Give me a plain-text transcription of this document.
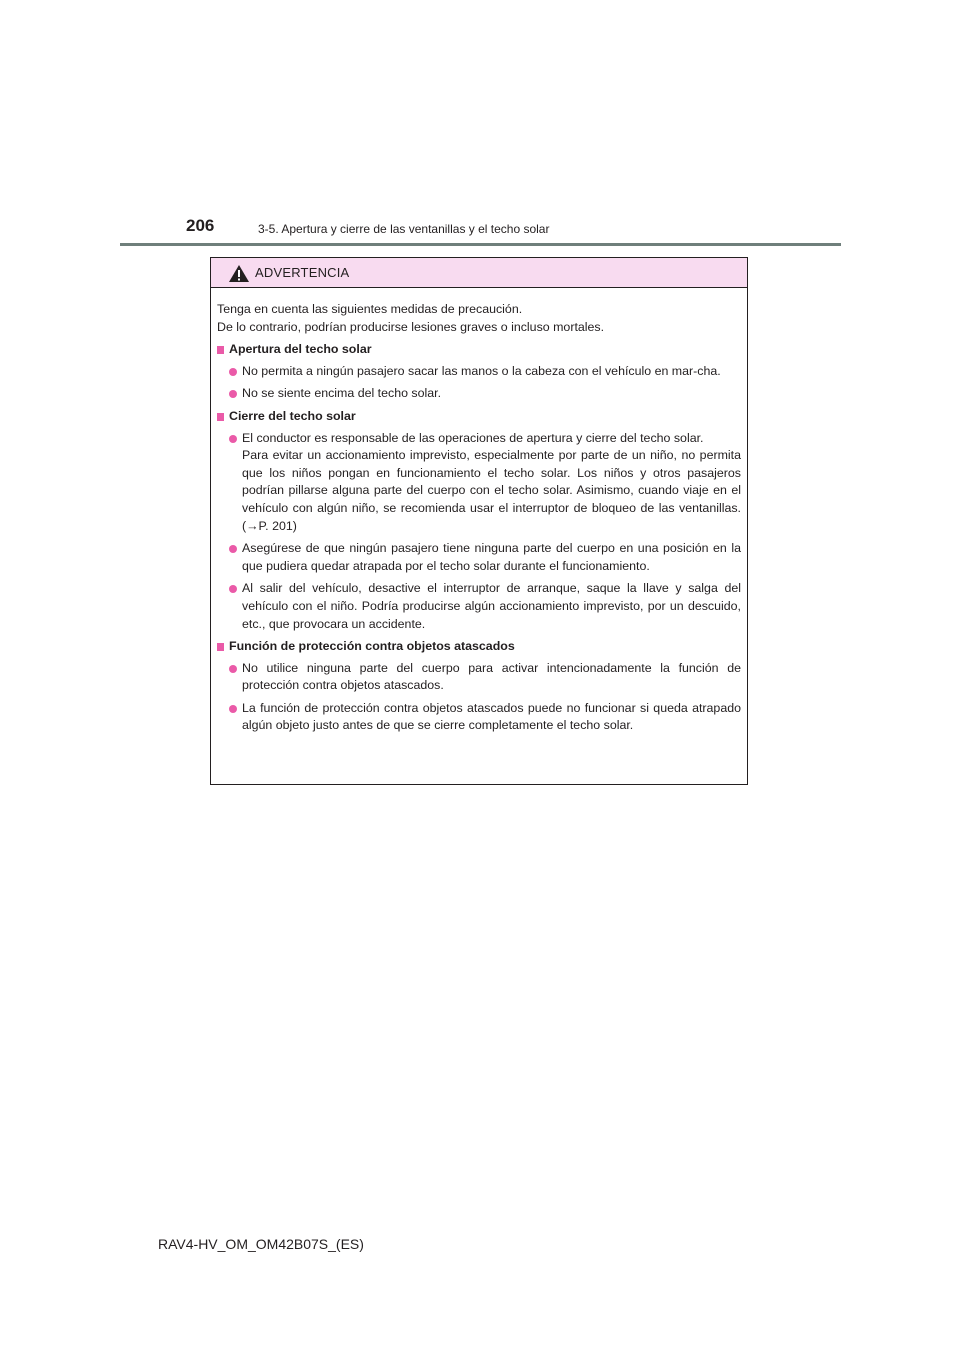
206	3-5. Apertura y cierre de las ventanillas y el techo solar
ADVERTENCIA
Tenga en cuenta las siguientes medidas de precaución.
De lo contrario, podrían producirse lesiones graves o incluso mortales.
Apertura del techo solar

No permita a ningún pasajero sacar las manos o la cabeza con el vehículo en mar-cha.

No se siente encima del techo solar.

Cierre del techo solar

El conductor es responsable de las operaciones de apertura y cierre del techo solar.

Para evitar un accionamiento imprevisto, especialmente por parte de un niño, no permita que los niños pongan en funcionamiento el techo solar. Los niños y otros pasajeros podrían pillarse alguna parte del cuerpo con el techo solar. Asimismo, cuando viaje en el vehículo con algún niño, se recomienda usar el interruptor de bloqueo de las ventanillas. (→P. 201)

Asegúrese de que ningún pasajero tiene ninguna parte del cuerpo en una posición en la que pudiera quedar atrapada por el techo solar durante el funcionamiento.

Al salir del vehículo, desactive el interruptor de arranque, saque la llave y salga del vehículo con el niño. Podría producirse algún accionamiento imprevisto, por un descuido, etc., que provocara un accidente.

Función de protección contra objetos atascados

No utilice ninguna parte del cuerpo para activar intencionadamente la función de protección contra objetos atascados.

La función de protección contra objetos atascados puede no funcionar si queda atrapado algún objeto justo antes de que se cierre completamente el techo solar.

RAV4-HV_OM_OM42B07S_(ES)
